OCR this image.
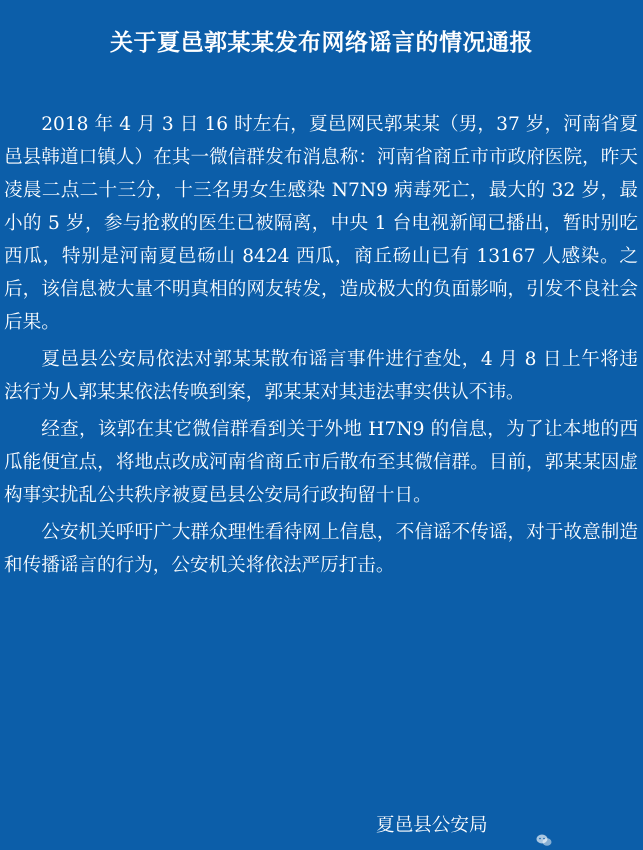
关于夏邑郭某某发布网络谣言的情况通报

2018 年 4 月 3 日 16 时左右，夏邑网民郭某某（男，37 岁，河南省夏邑县韩道口镇人）在其一微信群发布消息称：河南省商丘市市政府医院，昨天凌晨二点二十三分，十三名男女生感染 N7N9 病毒死亡，最大的 32 岁，最小的 5 岁，参与抢救的医生已被隔离，中央 1 台电视新闻已播出，暂时别吃西瓜，特别是河南夏邑砀山 8424 西瓜，商丘砀山已有 13167 人感染。之后，该信息被大量不明真相的网友转发，造成极大的负面影响，引发不良社会后果。

夏邑县公安局依法对郭某某散布谣言事件进行查处，4 月 8 日上午将违法行为人郭某某依法传唤到案，郭某某对其违法事实供认不讳。

经查，该郭在其它微信群看到关于外地 H7N9 的信息，为了让本地的西瓜能便宜点，将地点改成河南省商丘市后散布至其微信群。目前，郭某某因虚构事实扰乱公共秩序被夏邑县公安局行政拘留十日。

公安机关呼吁广大群众理性看待网上信息，不信谣不传谣，对于故意制造和传播谣言的行为，公安机关将依法严厉打击。

夏邑县公安局
